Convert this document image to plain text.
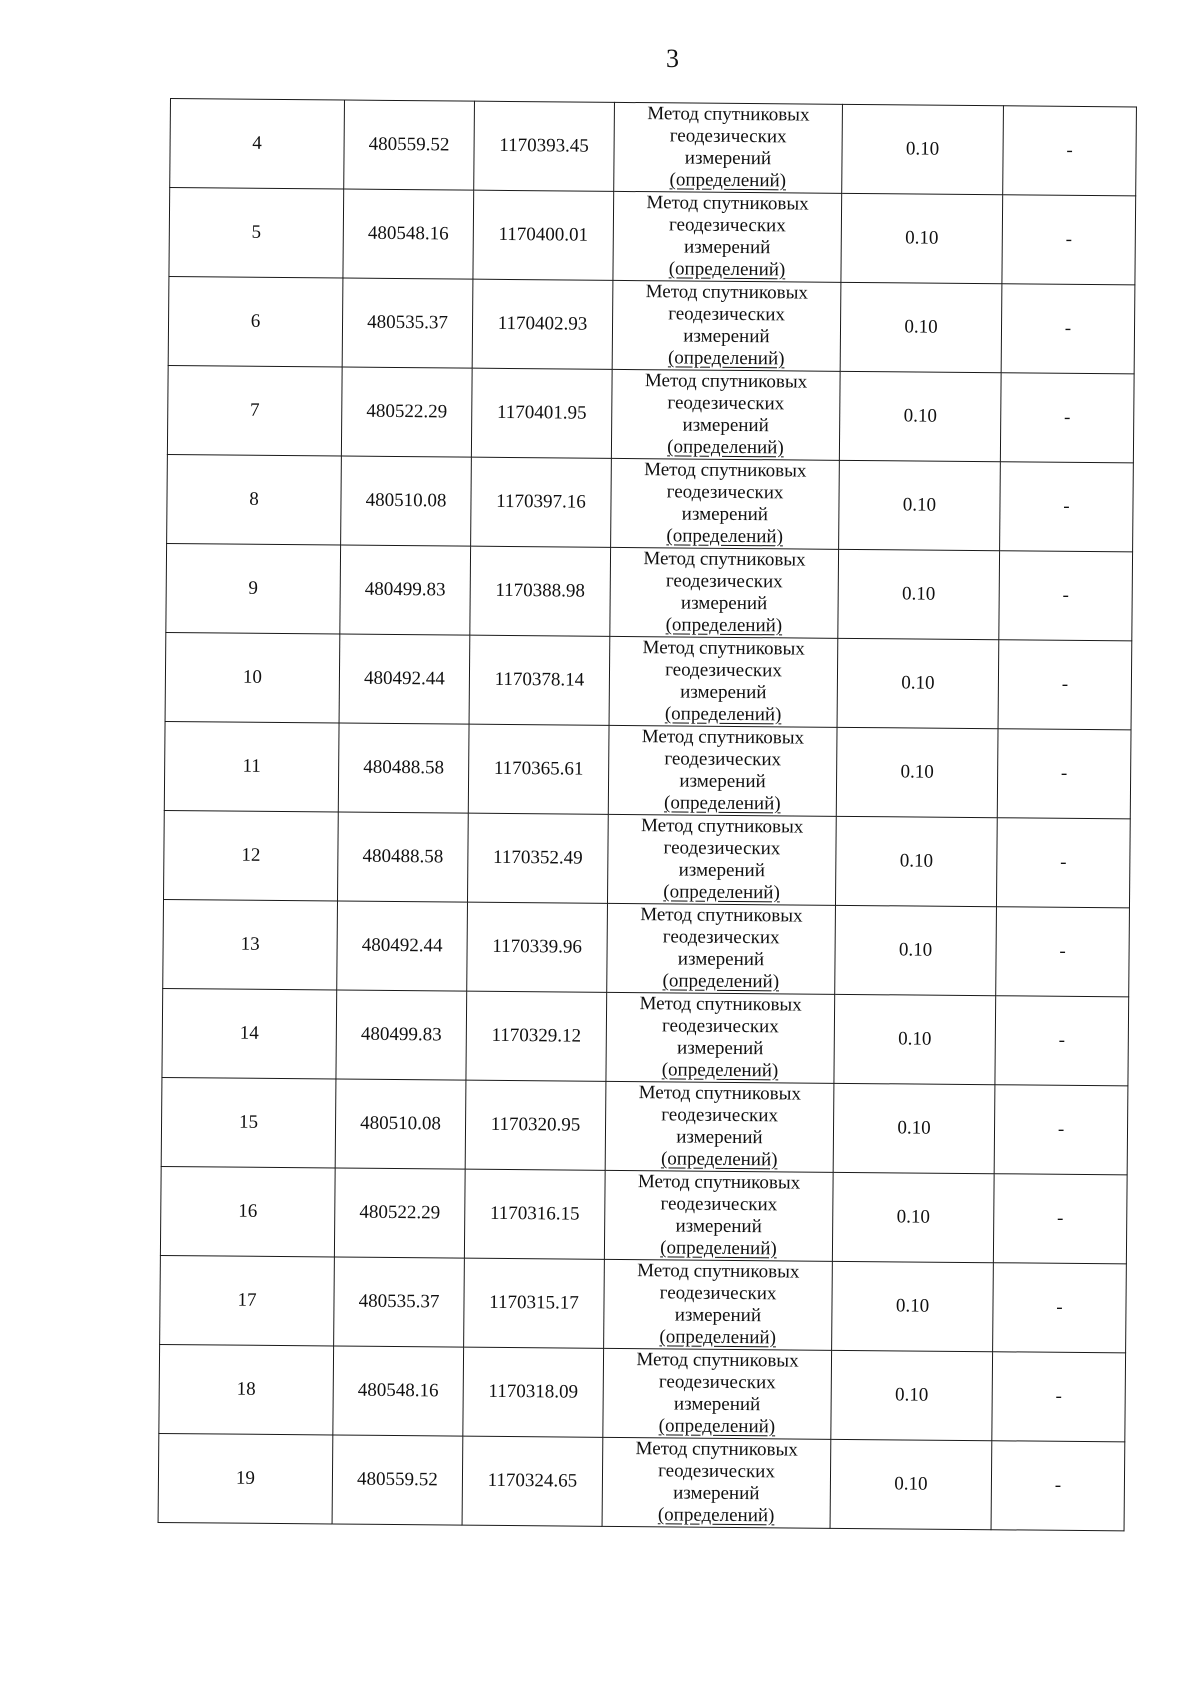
3
4	480559.52	1170393.45	Метод спутниковых
геодезических
измерений
(определений)	0.10	-
5	480548.16	1170400.01	Метод спутниковых
геодезических
измерений
(определений)	0.10	-
6	480535.37	1170402.93	Метод спутниковых
геодезических
измерений
(определений)	0.10	-
7	480522.29	1170401.95	Метод спутниковых
геодезических
измерений
(определений)	0.10	-
8	480510.08	1170397.16	Метод спутниковых
геодезических
измерений
(определений)	0.10	-
9	480499.83	1170388.98	Метод спутниковых
геодезических
измерений
(определений)	0.10	-
10	480492.44	1170378.14	Метод спутниковых
геодезических
измерений
(определений)	0.10	-
11	480488.58	1170365.61	Метод спутниковых
геодезических
измерений
(определений)	0.10	-
12	480488.58	1170352.49	Метод спутниковых
геодезических
измерений
(определений)	0.10	-
13	480492.44	1170339.96	Метод спутниковых
геодезических
измерений
(определений)	0.10	-
14	480499.83	1170329.12	Метод спутниковых
геодезических
измерений
(определений)	0.10	-
15	480510.08	1170320.95	Метод спутниковых
геодезических
измерений
(определений)	0.10	-
16	480522.29	1170316.15	Метод спутниковых
геодезических
измерений
(определений)	0.10	-
17	480535.37	1170315.17	Метод спутниковых
геодезических
измерений
(определений)	0.10	-
18	480548.16	1170318.09	Метод спутниковых
геодезических
измерений
(определений)	0.10	-
19	480559.52	1170324.65	Метод спутниковых
геодезических
измерений
(определений)	0.10	-
